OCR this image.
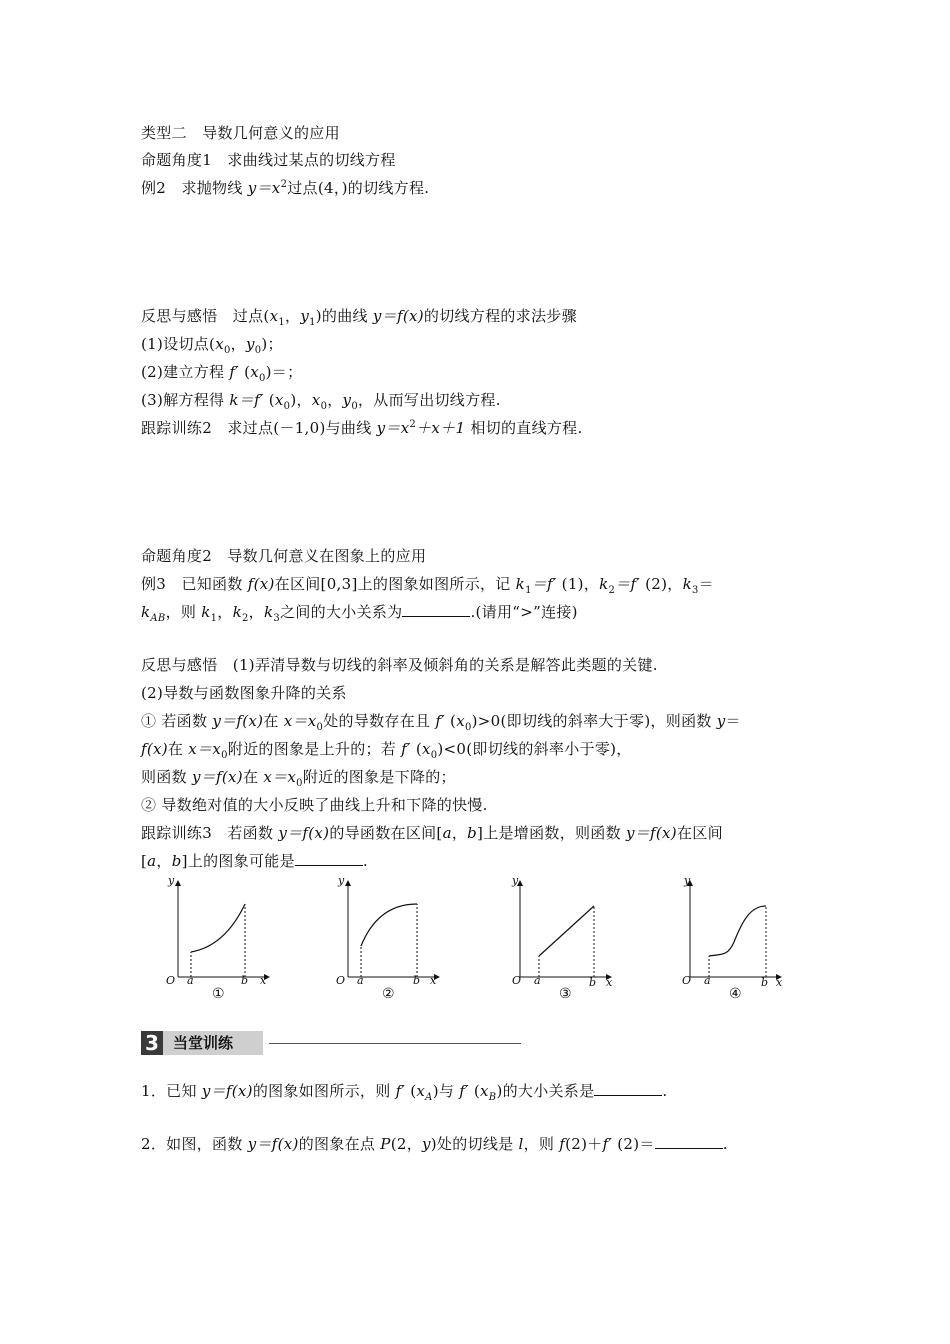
类型二　导数几何意义的应用
命题角度1　求曲线过某点的切线方程
例2　求抛物线 $y=x^2$过点(4，)的切线方程.
反思与感悟　过点($x_1$，$y_1$)的曲线 y＝f(x)的切线方程的求法步骤
(1)设切点($x_0$，$y_0$)；
(2)建立方程 f′ $(x_0)=$；
(3)解方程得 k＝f′ $(x_0)$，$x_0$，$y_0$，从而写出切线方程.
跟踪训练2　求过点(－1,0)与曲线 $y=x^2+x+1$ 相切的直线方程.
命题角度2　导数几何意义在图象上的应用
例3　已知函数 f(x)在区间[0,3]上的图象如图所示，记 $k_1=f'$ (1)，$k_2=f'$ (2)，$k_3=$
$k_{AB}$，则 $k_1$，$k_2$，$k_3$之间的大小关系为	.(请用“>”连接)
反思与感悟　(1)弄清导数与切线的斜率及倾斜角的关系是解答此类题的关键.
(2)导数与函数图象升降的关系
① 若函数 y＝f(x)在 $x=x_0$处的导数存在且 f′ $(x_0)>0$(即切线的斜率大于零)，则函数 y＝
f(x)在 $x=x_0$附近的图象是上升的；若 f′ $(x_0)<0$(即切线的斜率小于零)，
则函数 y＝f(x)在 $x=x_0$附近的图象是下降的；
② 导数绝对值的大小反映了曲线上升和下降的快慢.
跟踪训练3　若函数 y＝f(x)的导函数在区间[a，b]上是增函数，则函数 y＝f(x)在区间
[a，b]上的图象可能是	.
y
O a	b x
①
y
O a	b x
②
y
O a	b x
③
y
O a	b x
④
3 当堂训练
1．已知 y＝f(x)的图象如图所示，则 f′ $(x_A)$与 f′ $(x_B)$的大小关系是	.
2．如图，函数 y＝f(x)的图象在点 P(2，y)处的切线是 l，则 f(2)＋f′ (2)＝	.
